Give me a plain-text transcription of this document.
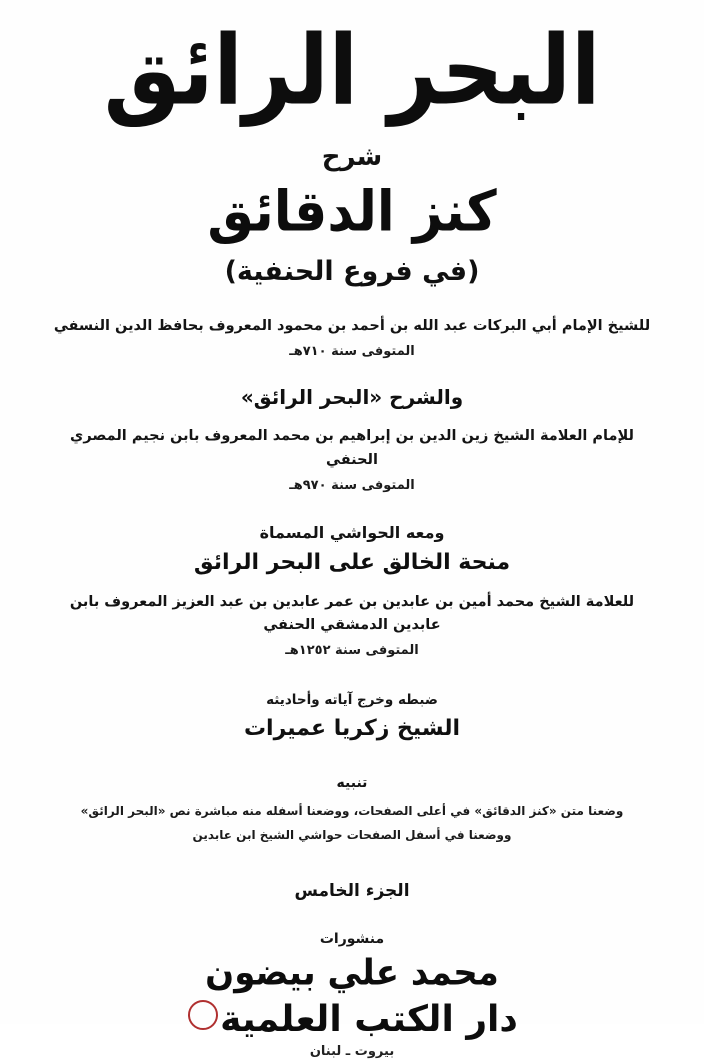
البحر الرائق
شرح
كنز الدقائق
(في فروع الحنفية)
للشيخ الإمام أبي البركات عبد الله بن أحمد بن محمود المعروف بحافظ الدين النسفي
المتوفى سنة ٧١٠هـ
والشرح «البحر الرائق»
للإمام العلامة الشيخ زين الدين بن إبراهيم بن محمد المعروف بابن نجيم المصري الحنفي
المتوفى سنة ٩٧٠هـ
ومعه الحواشي المسماة
منحة الخالق على البحر الرائق
للعلامة الشيخ محمد أمين بن عابدين بن عمر عابدين بن عبد العزيز المعروف بابن عابدين الدمشقي الحنفي
المتوفى سنة ١٢٥٢هـ
ضبطه وخرج آياته وأحاديثه
الشيخ زكريا عميرات
تنبيه
وضعنا متن «كنز الدقائق» في أعلى الصفحات، ووضعنا أسفله منه مباشرة نص «البحر الرائق»
ووضعنا في أسفل الصفحات حواشي الشيخ ابن عابدين
الجزء الخامس
منشورات
محمد علي بيضون
دار الكتب العلمية
بيروت ـ لبنان
